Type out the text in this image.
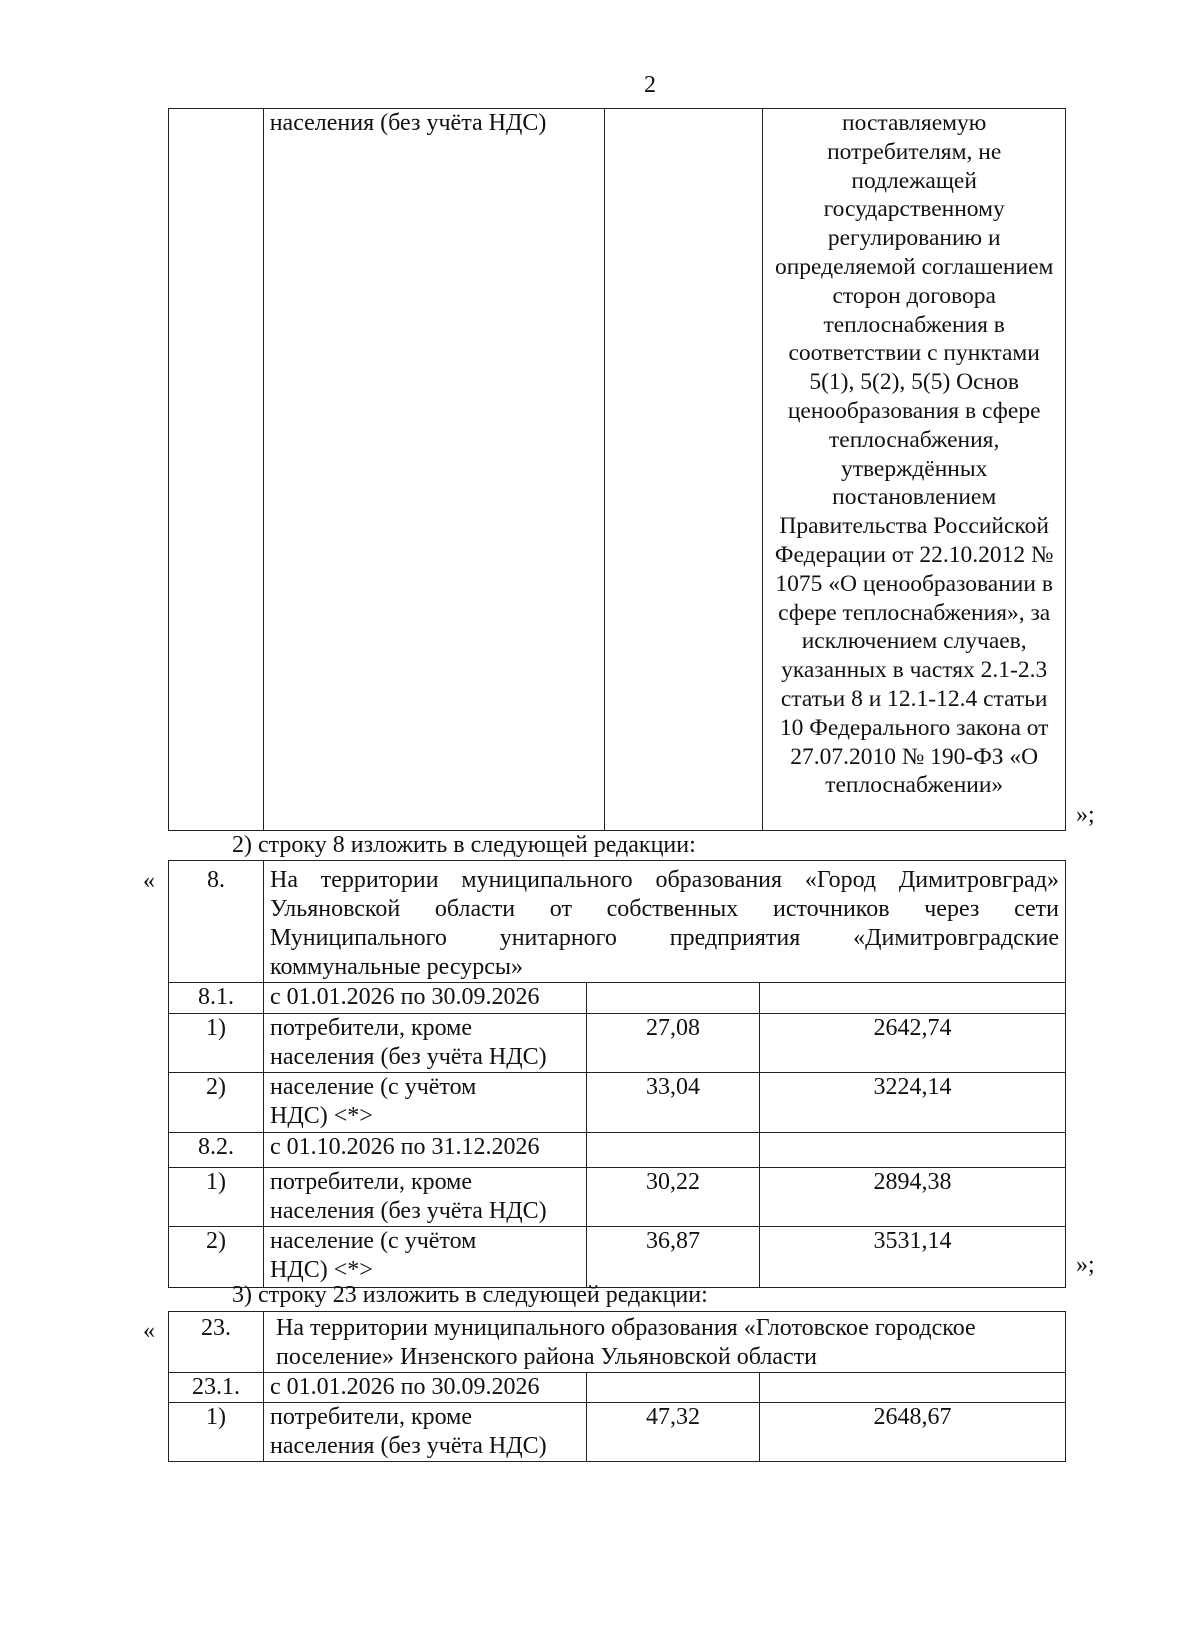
2
	населения (без учёта НДС)		поставляемую потребителям, не подлежащей государственному регулированию и определяемой соглашением сторон договора теплоснабжения в соответствии с пунктами 5(1), 5(2), 5(5) Основ ценообразования в сфере теплоснабжения, утверждённых постановлением Правительства Российской Федерации от 22.10.2012 № 1075 «О ценообразовании в сфере теплоснабжения», за исключением случаев, указанных в частях 2.1-2.3 статьи 8 и 12.1-12.4 статьи 10 Федерального закона от 27.07.2010 № 190-ФЗ «О теплоснабжении»
»;
2) строку 8 изложить в следующей редакции:
« 8.	На территории муниципального образования «Город Димитровград» Ульяновской области от собственных источников через сети Муниципального унитарного предприятия «Димитровградские коммунальные ресурсы»		
8.1.	с 01.01.2026 по 30.09.2026		
1)	потребители, кроме населения (без учёта НДС)	27,08	2642,74
2)	население (с учётом НДС) <*>	33,04	3224,14
8.2.	с 01.10.2026 по 31.12.2026		
1)	потребители, кроме населения (без учёта НДС)	30,22	2894,38
2)	население (с учётом НДС) <*>	36,87	3531,14
»;
3) строку 23 изложить в следующей редакции:
« 23.	На территории муниципального образования «Глотовское городское поселение» Инзенского района Ульяновской области		
23.1.	с 01.01.2026 по 30.09.2026		
1)	потребители, кроме населения (без учёта НДС)	47,32	2648,67
